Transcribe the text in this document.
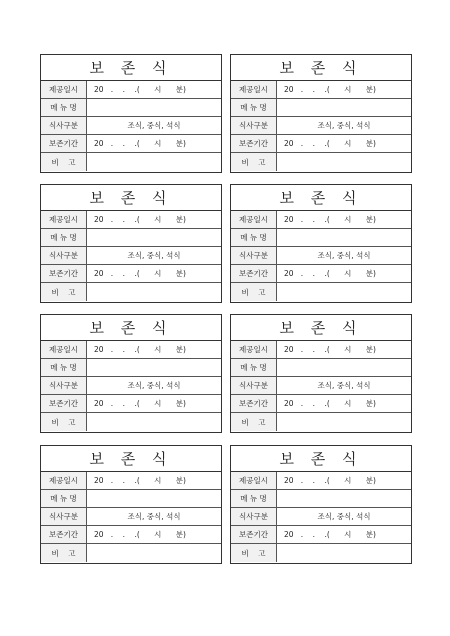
보 존 식
제공일시	20   .    .    .(      시      분)
메 뉴 명
식사구분	조식, 중식, 석식
보존기간	20   .    .    .(      시      분)
비    고
보 존 식
제공일시	20   .    .    .(      시      분)
메 뉴 명
식사구분	조식, 중식, 석식
보존기간	20   .    .    .(      시      분)
비    고
보 존 식
제공일시	20   .    .    .(      시      분)
메 뉴 명
식사구분	조식, 중식, 석식
보존기간	20   .    .    .(      시      분)
비    고
보 존 식
제공일시	20   .    .    .(      시      분)
메 뉴 명
식사구분	조식, 중식, 석식
보존기간	20   .    .    .(      시      분)
비    고
보 존 식
제공일시	20   .    .    .(      시      분)
메 뉴 명
식사구분	조식, 중식, 석식
보존기간	20   .    .    .(      시      분)
비    고
보 존 식
제공일시	20   .    .    .(      시      분)
메 뉴 명
식사구분	조식, 중식, 석식
보존기간	20   .    .    .(      시      분)
비    고
보 존 식
제공일시	20   .    .    .(      시      분)
메 뉴 명
식사구분	조식, 중식, 석식
보존기간	20   .    .    .(      시      분)
비    고
보 존 식
제공일시	20   .    .    .(      시      분)
메 뉴 명
식사구분	조식, 중식, 석식
보존기간	20   .    .    .(      시      분)
비    고
